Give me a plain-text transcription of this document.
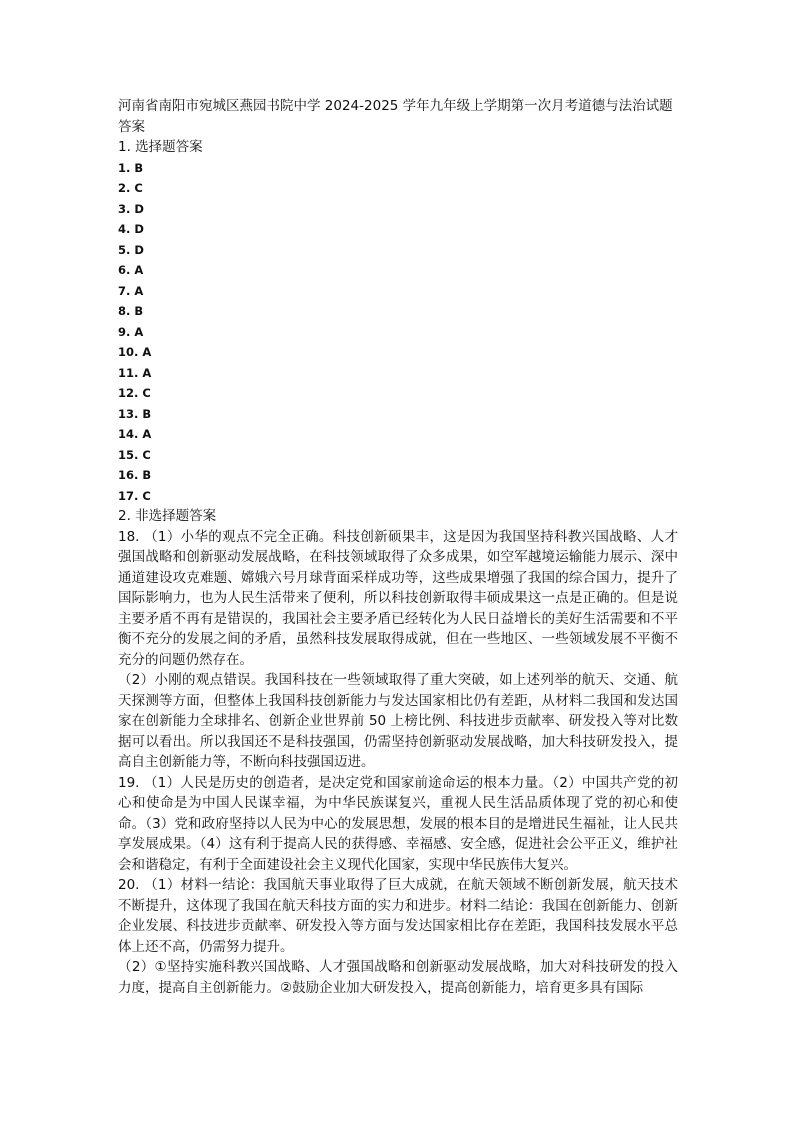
河南省南阳市宛城区燕园书院中学 2024-2025 学年九年级上学期第一次月考道德与法治试题 答案

1. 选择题答案

1. B
2. C
3. D
4. D
5. D
6. A
7. A
8. B
9. A
10. A
11. A
12. C
13. B
14. A
15. C
16. B
17. C

2. 非选择题答案

18. （1）小华的观点不完全正确。科技创新硕果丰，这是因为我国坚持科教兴国战略、人才强国战略和创新驱动发展战略，在科技领域取得了众多成果，如空军越境运输能力展示、深中通道建设攻克难题、嫦娥六号月球背面采样成功等，这些成果增强了我国的综合国力，提升了国际影响力，也为人民生活带来了便利，所以科技创新取得丰硕成果这一点是正确的。但是说主要矛盾不再有是错误的，我国社会主要矛盾已经转化为人民日益增长的美好生活需要和不平衡不充分的发展之间的矛盾，虽然科技发展取得成就，但在一些地区、一些领域发展不平衡不充分的问题仍然存在。

（2）小刚的观点错误。我国科技在一些领域取得了重大突破，如上述列举的航天、交通、航天探测等方面，但整体上我国科技创新能力与发达国家相比仍有差距，从材料二我国和发达国家在创新能力全球排名、创新企业世界前 50 上榜比例、科技进步贡献率、研发投入等对比数据可以看出。所以我国还不是科技强国，仍需坚持创新驱动发展战略，加大科技研发投入，提高自主创新能力等，不断向科技强国迈进。

19. （1）人民是历史的创造者，是决定党和国家前途命运的根本力量。（2）中国共产党的初心和使命是为中国人民谋幸福，为中华民族谋复兴，重视人民生活品质体现了党的初心和使命。（3）党和政府坚持以人民为中心的发展思想，发展的根本目的是增进民生福祉，让人民共享发展成果。（4）这有利于提高人民的获得感、幸福感、安全感，促进社会公平正义，维护社会和谐稳定，有利于全面建设社会主义现代化国家，实现中华民族伟大复兴。

20. （1）材料一结论：我国航天事业取得了巨大成就，在航天领域不断创新发展，航天技术不断提升，这体现了我国在航天科技方面的实力和进步。材料二结论：我国在创新能力、创新企业发展、科技进步贡献率、研发投入等方面与发达国家相比存在差距，我国科技发展水平总体上还不高，仍需努力提升。

（2）①坚持实施科教兴国战略、人才强国战略和创新驱动发展战略，加大对科技研发的投入力度，提高自主创新能力。②鼓励企业加大研发投入，提高创新能力，培育更多具有国际
